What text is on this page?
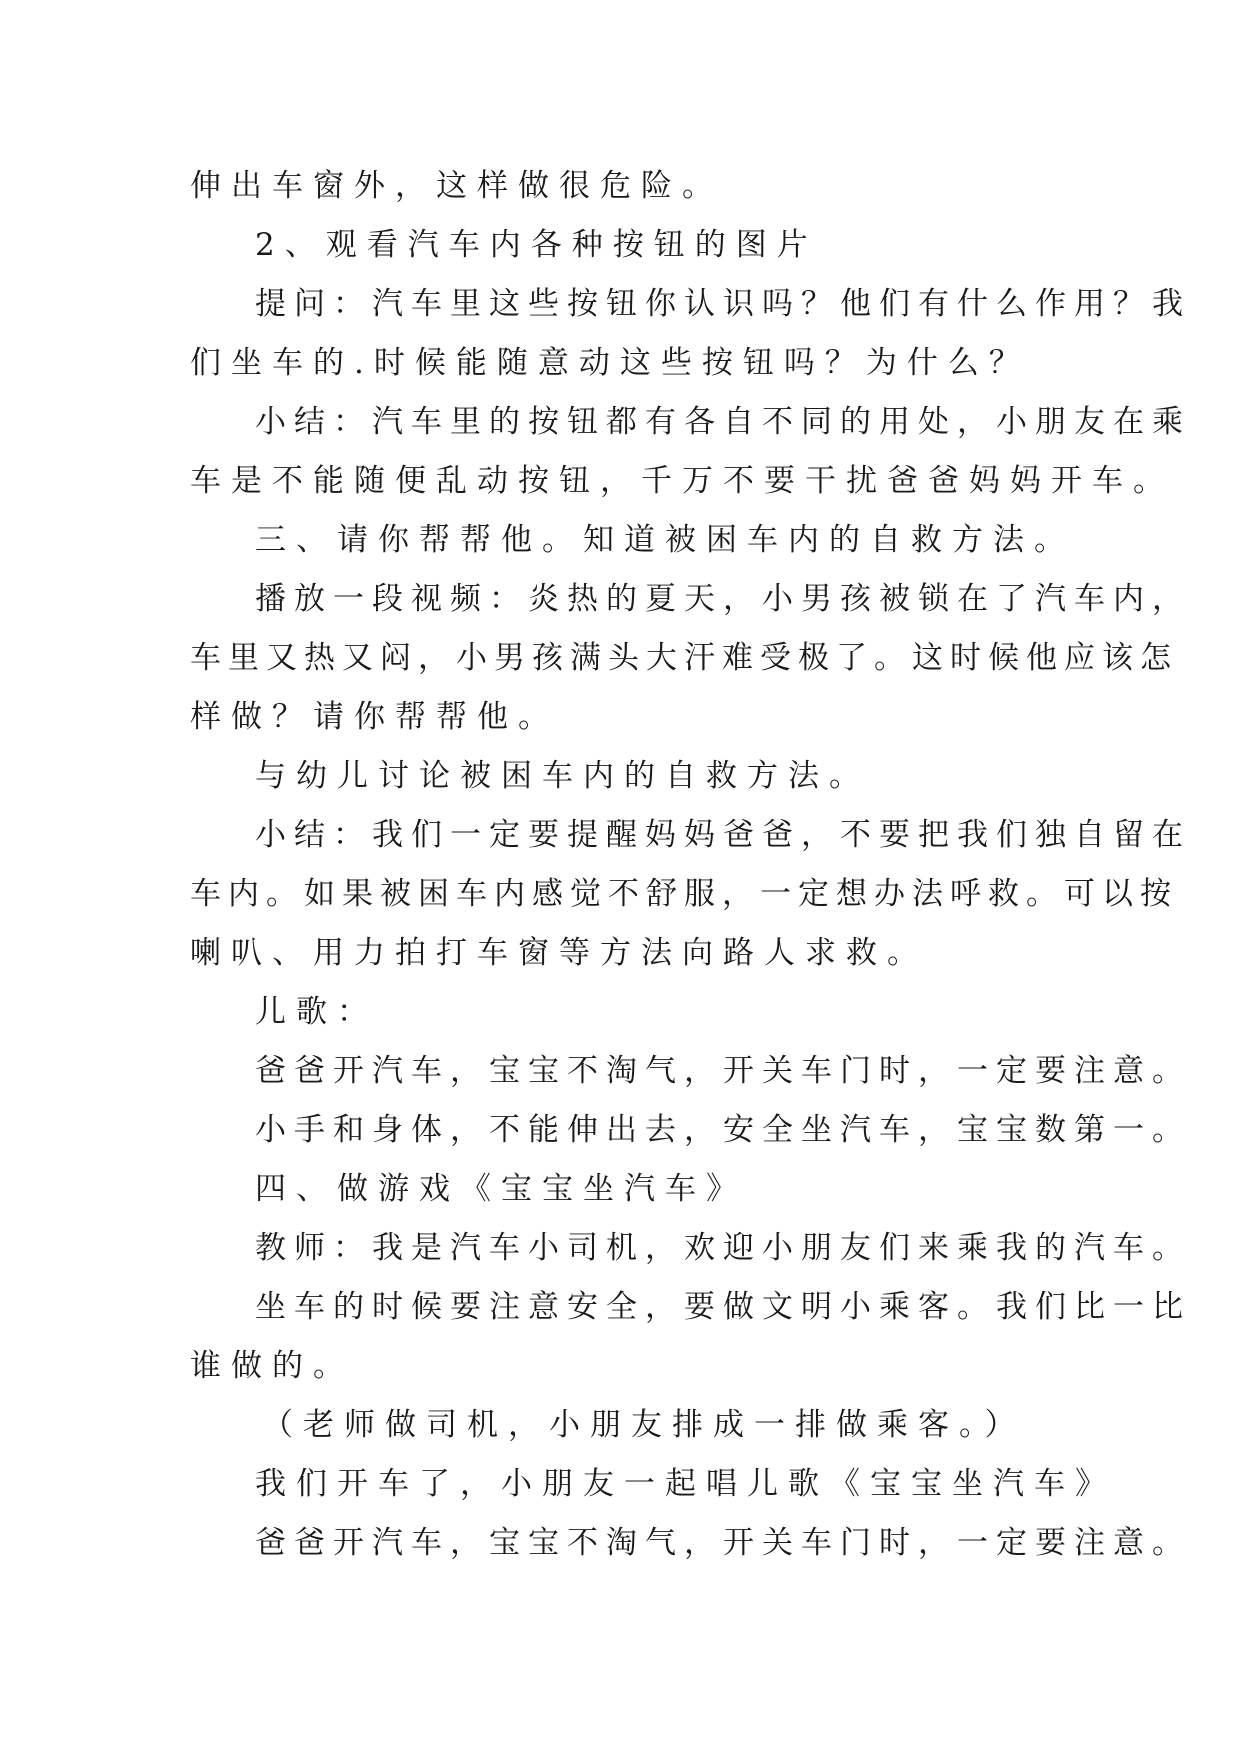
伸出车窗外，这样做很危险。
2、观看汽车内各种按钮的图片
提问：汽车里这些按钮你认识吗？他们有什么作用？我
们坐车的.时候能随意动这些按钮吗？为什么？
小结：汽车里的按钮都有各自不同的用处，小朋友在乘
车是不能随便乱动按钮，千万不要干扰爸爸妈妈开车。
三、请你帮帮他。知道被困车内的自救方法。
播放一段视频：炎热的夏天，小男孩被锁在了汽车内，
车里又热又闷，小男孩满头大汗难受极了。这时候他应该怎
样做？请你帮帮他。
与幼儿讨论被困车内的自救方法。
小结：我们一定要提醒妈妈爸爸，不要把我们独自留在
车内。如果被困车内感觉不舒服，一定想办法呼救。可以按
喇叭、用力拍打车窗等方法向路人求救。
儿歌：
爸爸开汽车，宝宝不淘气，开关车门时，一定要注意。
小手和身体，不能伸出去，安全坐汽车，宝宝数第一。
四、做游戏《宝宝坐汽车》
教师：我是汽车小司机，欢迎小朋友们来乘我的汽车。
坐车的时候要注意安全，要做文明小乘客。我们比一比
谁做的。
（老师做司机，小朋友排成一排做乘客。）
我们开车了，小朋友一起唱儿歌《宝宝坐汽车》
爸爸开汽车，宝宝不淘气，开关车门时，一定要注意。
